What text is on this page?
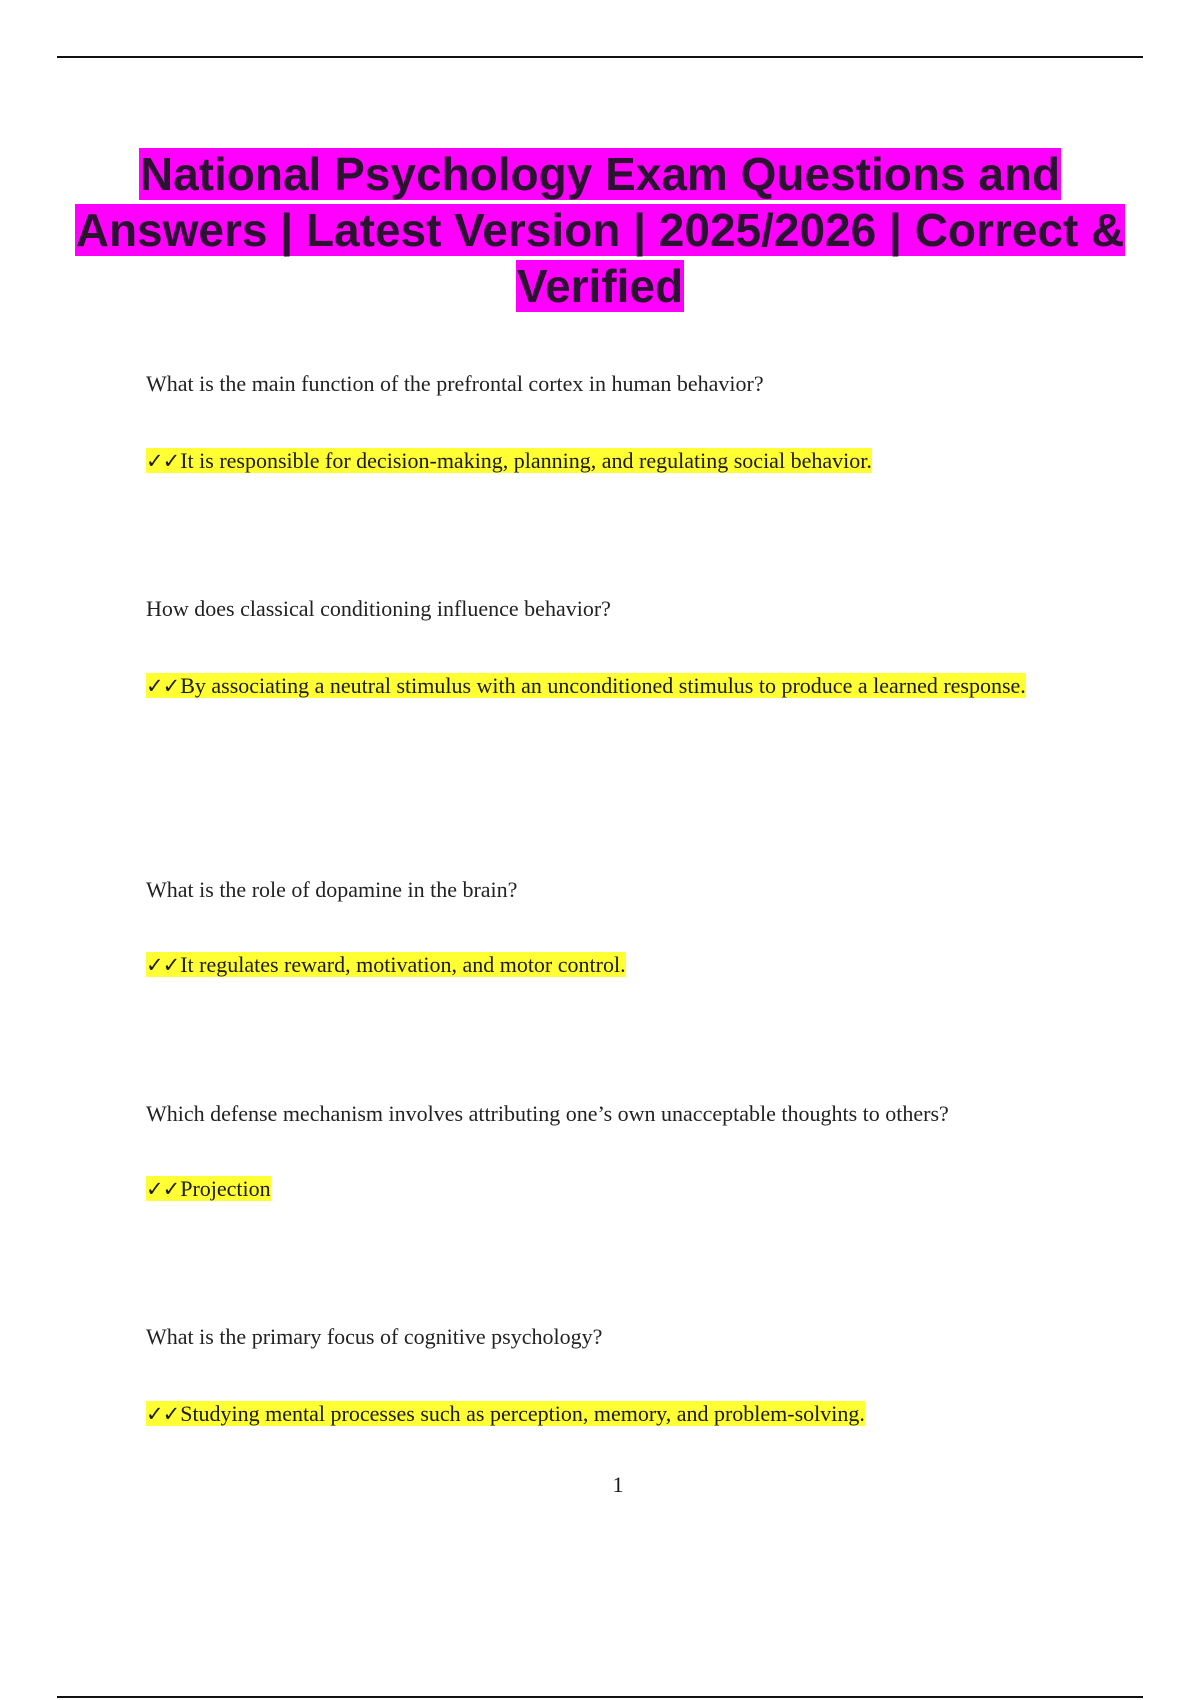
National Psychology Exam Questions and Answers | Latest Version | 2025/2026 | Correct & Verified
What is the main function of the prefrontal cortex in human behavior?
✓✓It is responsible for decision-making, planning, and regulating social behavior.
How does classical conditioning influence behavior?
✓✓By associating a neutral stimulus with an unconditioned stimulus to produce a learned response.
What is the role of dopamine in the brain?
✓✓It regulates reward, motivation, and motor control.
Which defense mechanism involves attributing one’s own unacceptable thoughts to others?
✓✓Projection
What is the primary focus of cognitive psychology?
✓✓Studying mental processes such as perception, memory, and problem-solving.
1
